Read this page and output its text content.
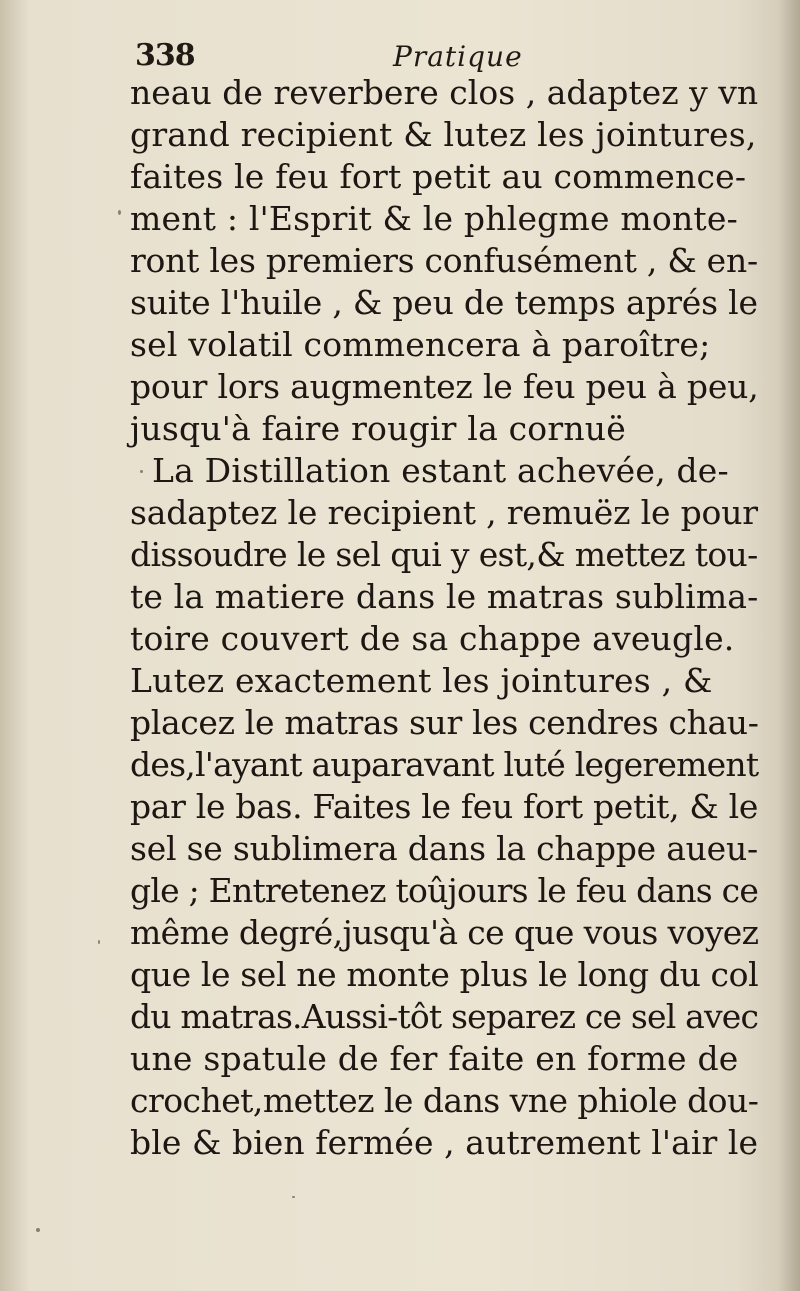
338	Pratique
neau de reverbere clos , adaptez y vn
grand recipient & lutez les jointures,
faites le feu fort petit au commence-
ment : l'Esprit & le phlegme monte-
ront les premiers confusément , & en-
suite l'huile , & peu de temps aprés le
sel volatil commencera à paroître;
pour lors augmentez le feu peu à peu,
jusqu'à faire rougir la cornuë
La Distillation estant achevée, de-
sadaptez le recipient , remuëz le pour
dissoudre le sel qui y est,& mettez tou-
te la matiere dans le matras sublima-
toire couvert de sa chappe aveugle.
Lutez exactement les jointures , &
placez le matras sur les cendres chau-
des,l'ayant auparavant luté legerement
par le bas. Faites le feu fort petit, & le
sel se sublimera dans la chappe aueu-
gle ; Entretenez toûjours le feu dans ce
même degré,jusqu'à ce que vous voyez
que le sel ne monte plus le long du col
du matras.Aussi-tôt separez ce sel avec
une spatule de fer faite en forme de
crochet,mettez le dans vne phiole dou-
ble & bien fermée , autrement l'air le
